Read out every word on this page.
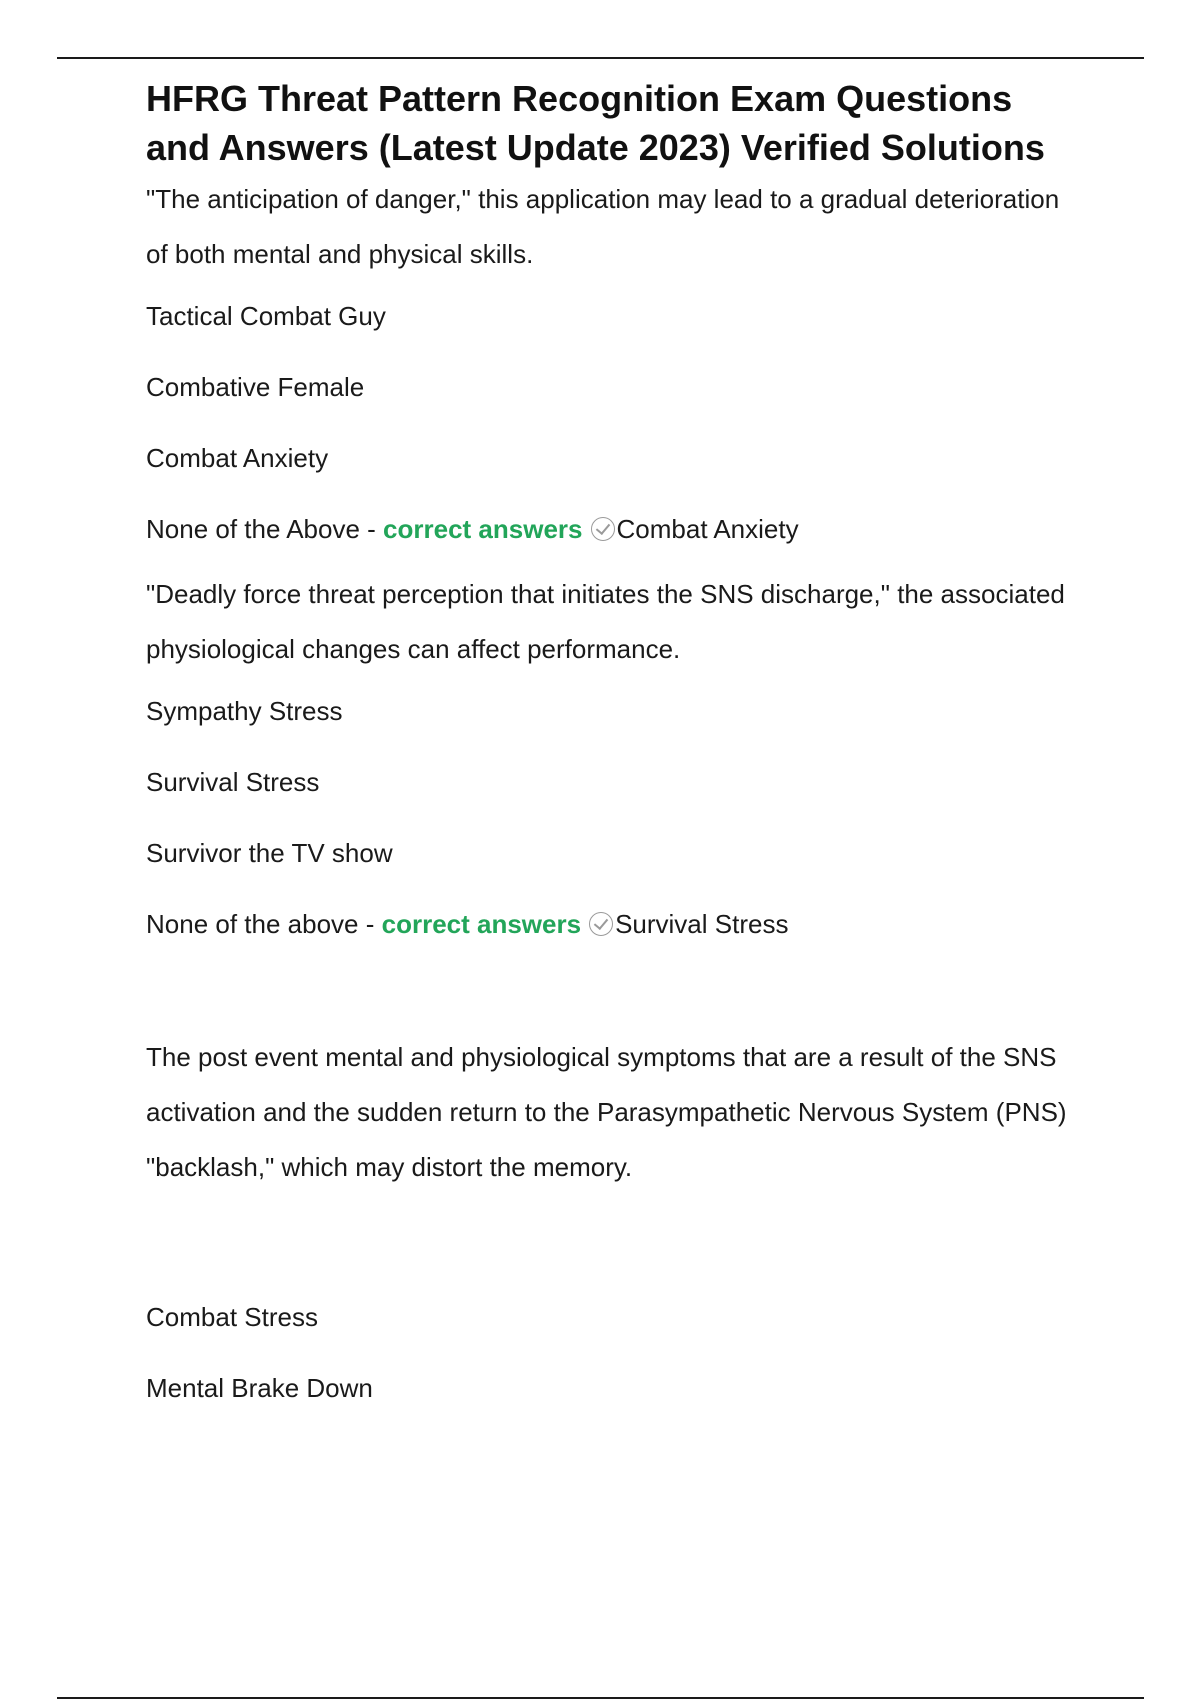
HFRG Threat Pattern Recognition Exam Questions and Answers (Latest Update 2023) Verified Solutions

"The anticipation of danger," this application may lead to a gradual deterioration of both mental and physical skills.

Tactical Combat Guy

Combative Female

Combat Anxiety

None of the Above - correct answers Combat Anxiety

"Deadly force threat perception that initiates the SNS discharge," the associated physiological changes can affect performance.

Sympathy Stress

Survival Stress

Survivor the TV show

None of the above - correct answers Survival Stress

The post event mental and physiological symptoms that are a result of the SNS activation and the sudden return to the Parasympathetic Nervous System (PNS) "backlash," which may distort the memory.

Combat Stress

Mental Brake Down
